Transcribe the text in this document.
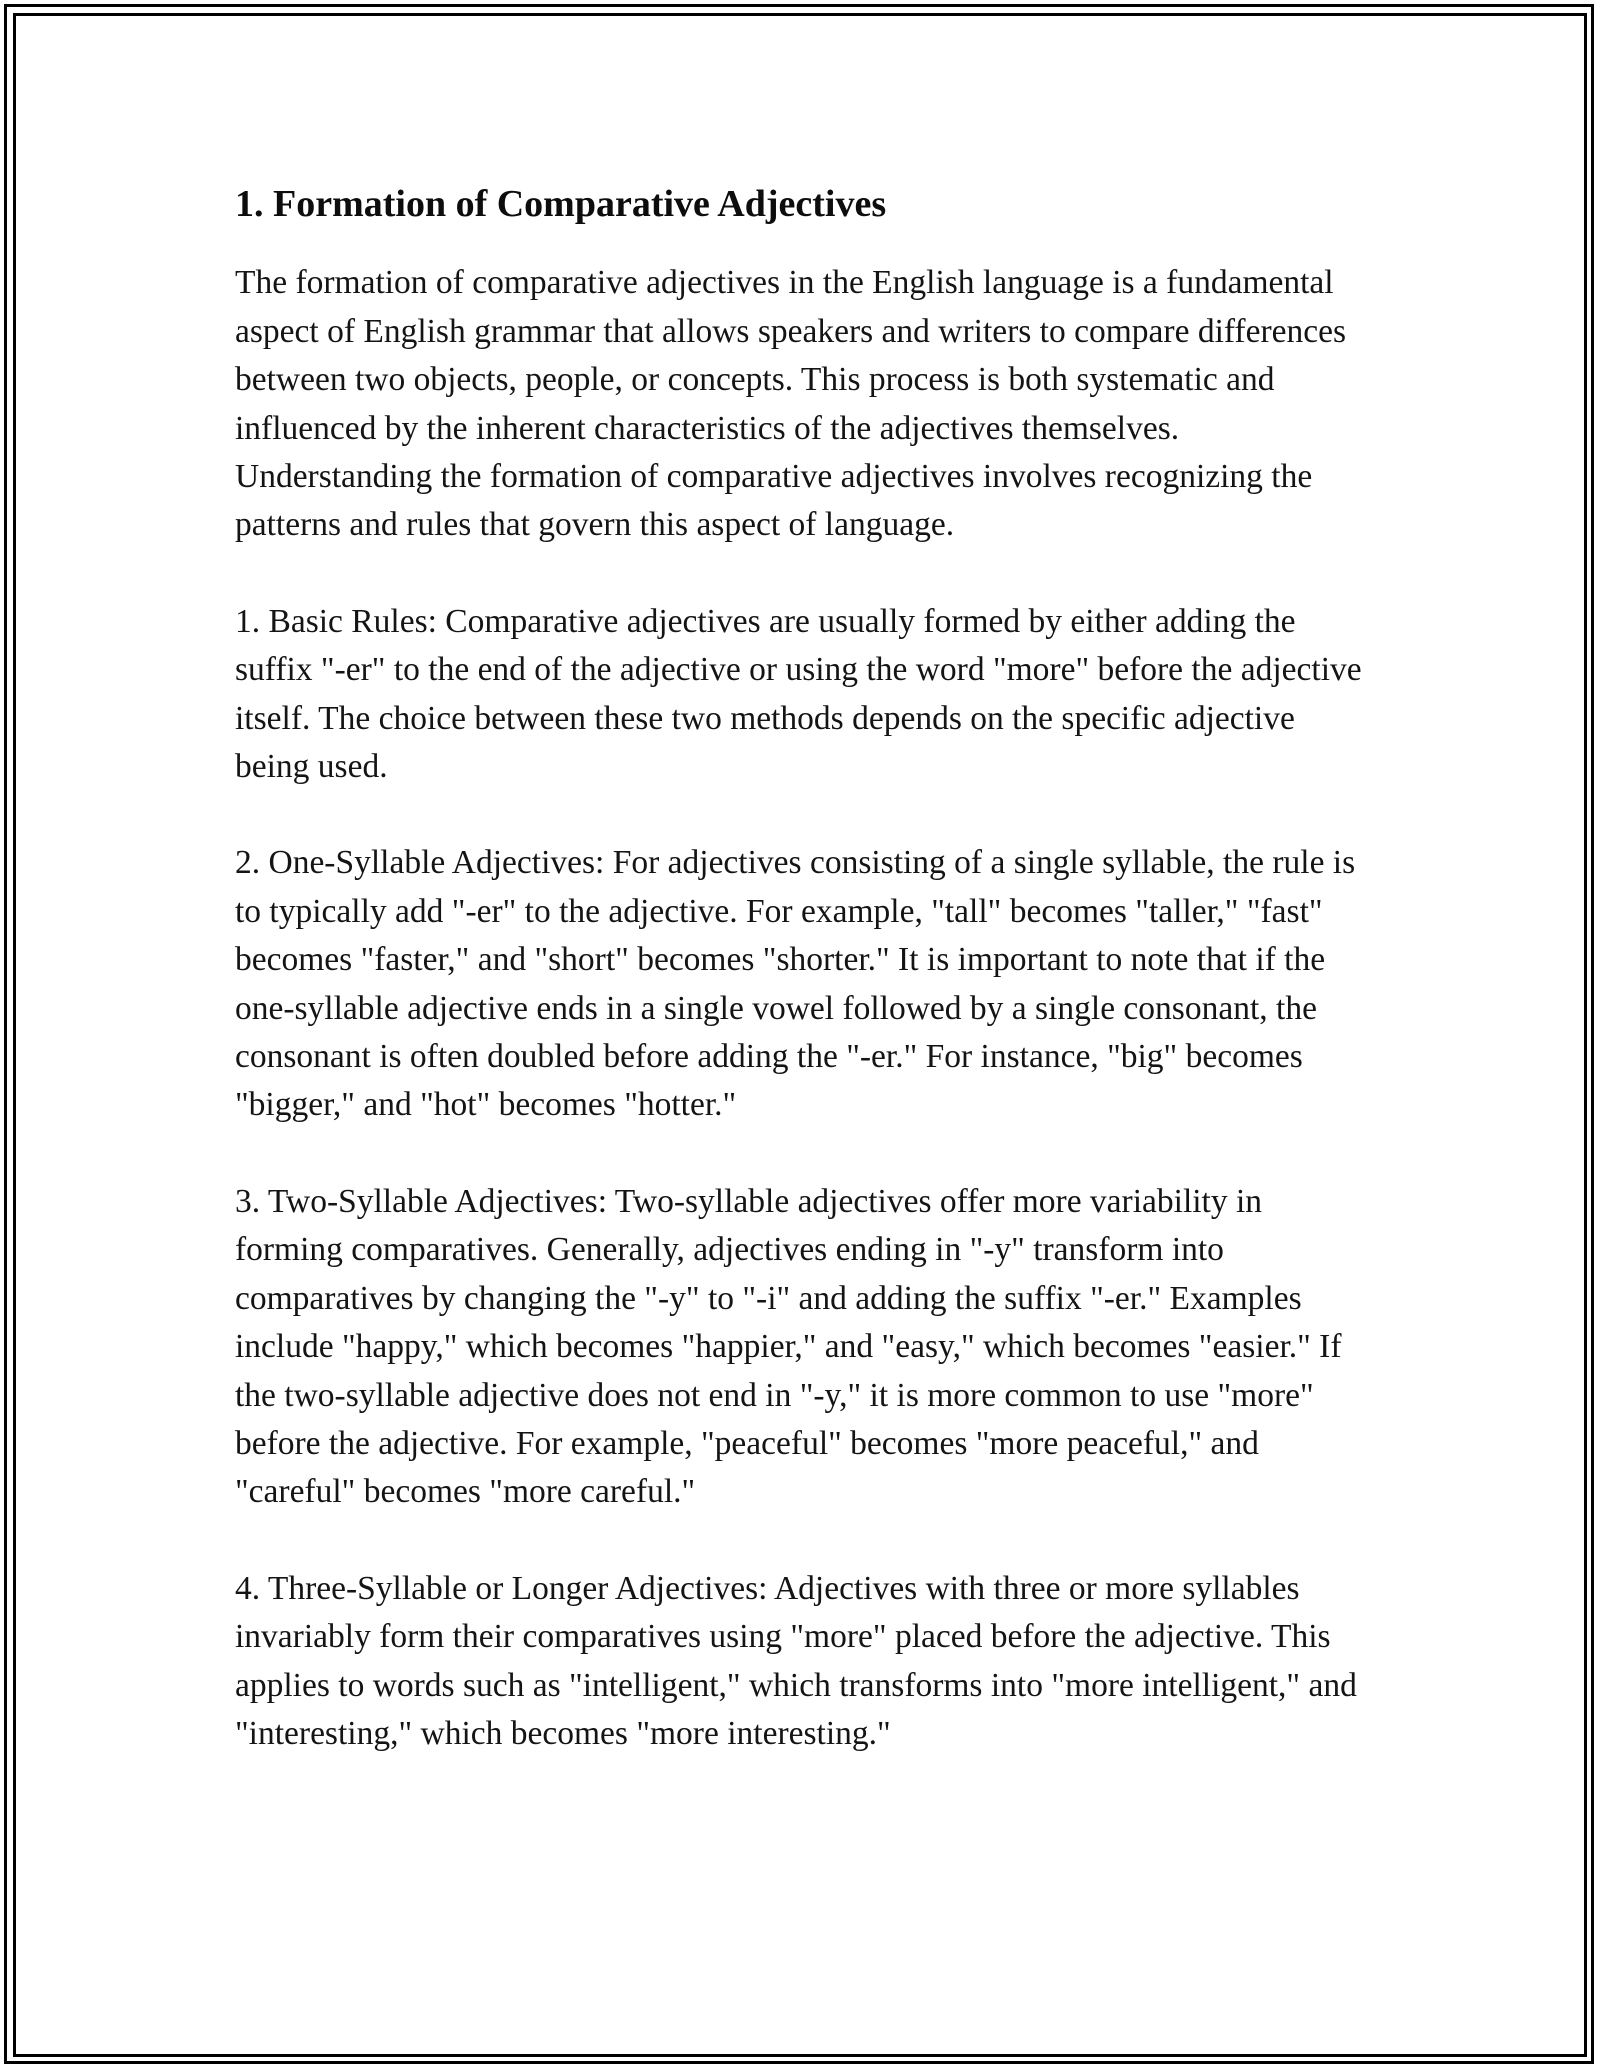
1. Formation of Comparative Adjectives

The formation of comparative adjectives in the English language is a fundamental aspect of English grammar that allows speakers and writers to compare differences between two objects, people, or concepts. This process is both systematic and influenced by the inherent characteristics of the adjectives themselves. Understanding the formation of comparative adjectives involves recognizing the patterns and rules that govern this aspect of language.

1. Basic Rules: Comparative adjectives are usually formed by either adding the suffix "-er" to the end of the adjective or using the word "more" before the adjective itself. The choice between these two methods depends on the specific adjective being used.

2. One-Syllable Adjectives: For adjectives consisting of a single syllable, the rule is to typically add "-er" to the adjective. For example, "tall" becomes "taller," "fast" becomes "faster," and "short" becomes "shorter." It is important to note that if the one-syllable adjective ends in a single vowel followed by a single consonant, the consonant is often doubled before adding the "-er." For instance, "big" becomes "bigger," and "hot" becomes "hotter."

3. Two-Syllable Adjectives: Two-syllable adjectives offer more variability in forming comparatives. Generally, adjectives ending in "-y" transform into comparatives by changing the "-y" to "-i" and adding the suffix "-er." Examples include "happy," which becomes "happier," and "easy," which becomes "easier." If the two-syllable adjective does not end in "-y," it is more common to use "more" before the adjective. For example, "peaceful" becomes "more peaceful," and "careful" becomes "more careful."

4. Three-Syllable or Longer Adjectives: Adjectives with three or more syllables invariably form their comparatives using "more" placed before the adjective. This applies to words such as "intelligent," which transforms into "more intelligent," and "interesting," which becomes "more interesting."
